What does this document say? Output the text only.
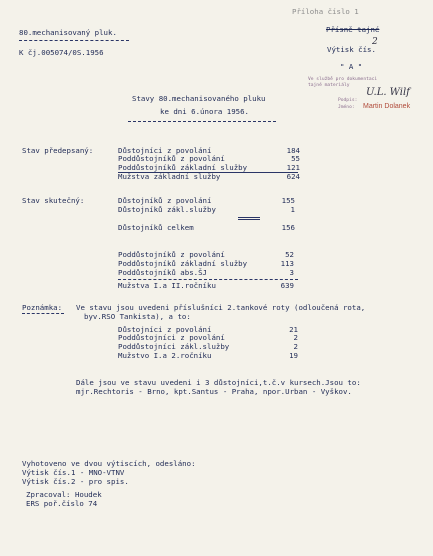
Příloha číslo 1
80.mechanisovaný pluk.	Přísně tajné
K čj.005074/0S.1956	Výtisk čís.
2
" A "
Ve službě pro dokumentaci
tajné materiály
Podpis:
U.L. Wilf
Jméno: Martin Dolanek
Stavy 80.mechanisovaného pluku
ke dni 6.února 1956.
Stav předepsaný:	Důstojníci z povolání	184
Poddůstojníků z povolání	55
Poddůstojníků základní služby	121
Mužstva základní služby	624
Stav skutečný:	Důstojníků z povolání	155
Důstojníků zákl.služby	1
Důstojníků celkem	156
Poddůstojníků z povolání	52
Poddůstojníků základní služby	113
Poddůstojníků abs.ŠJ	3
Mužstva I.a II.ročníku	639
Poznámka: Ve stavu jsou uvedeni příslušníci 2.tankové roty (odloučená rota,
byv.RSO Tankista), a to:
Důstojníci z povolání	21
Poddůstojníci z povolání	2
Poddůstojníci zákl.služby	2
Mužstvo I.a 2.ročníku	19
Dále jsou ve stavu uvedeni i 3 důstojníci,t.č.v kursech.Jsou to:
mjr.Rechtoris - Brno, kpt.Santus - Praha, npor.Urban - Vyškov.
Vyhotoveno ve dvou výtiscích, odesláno:
Výtisk čís.1 - MNO-VTNV
Výtisk čís.2 - pro spis.
Zpracoval: Houdek
ERS poř.číslo 74
